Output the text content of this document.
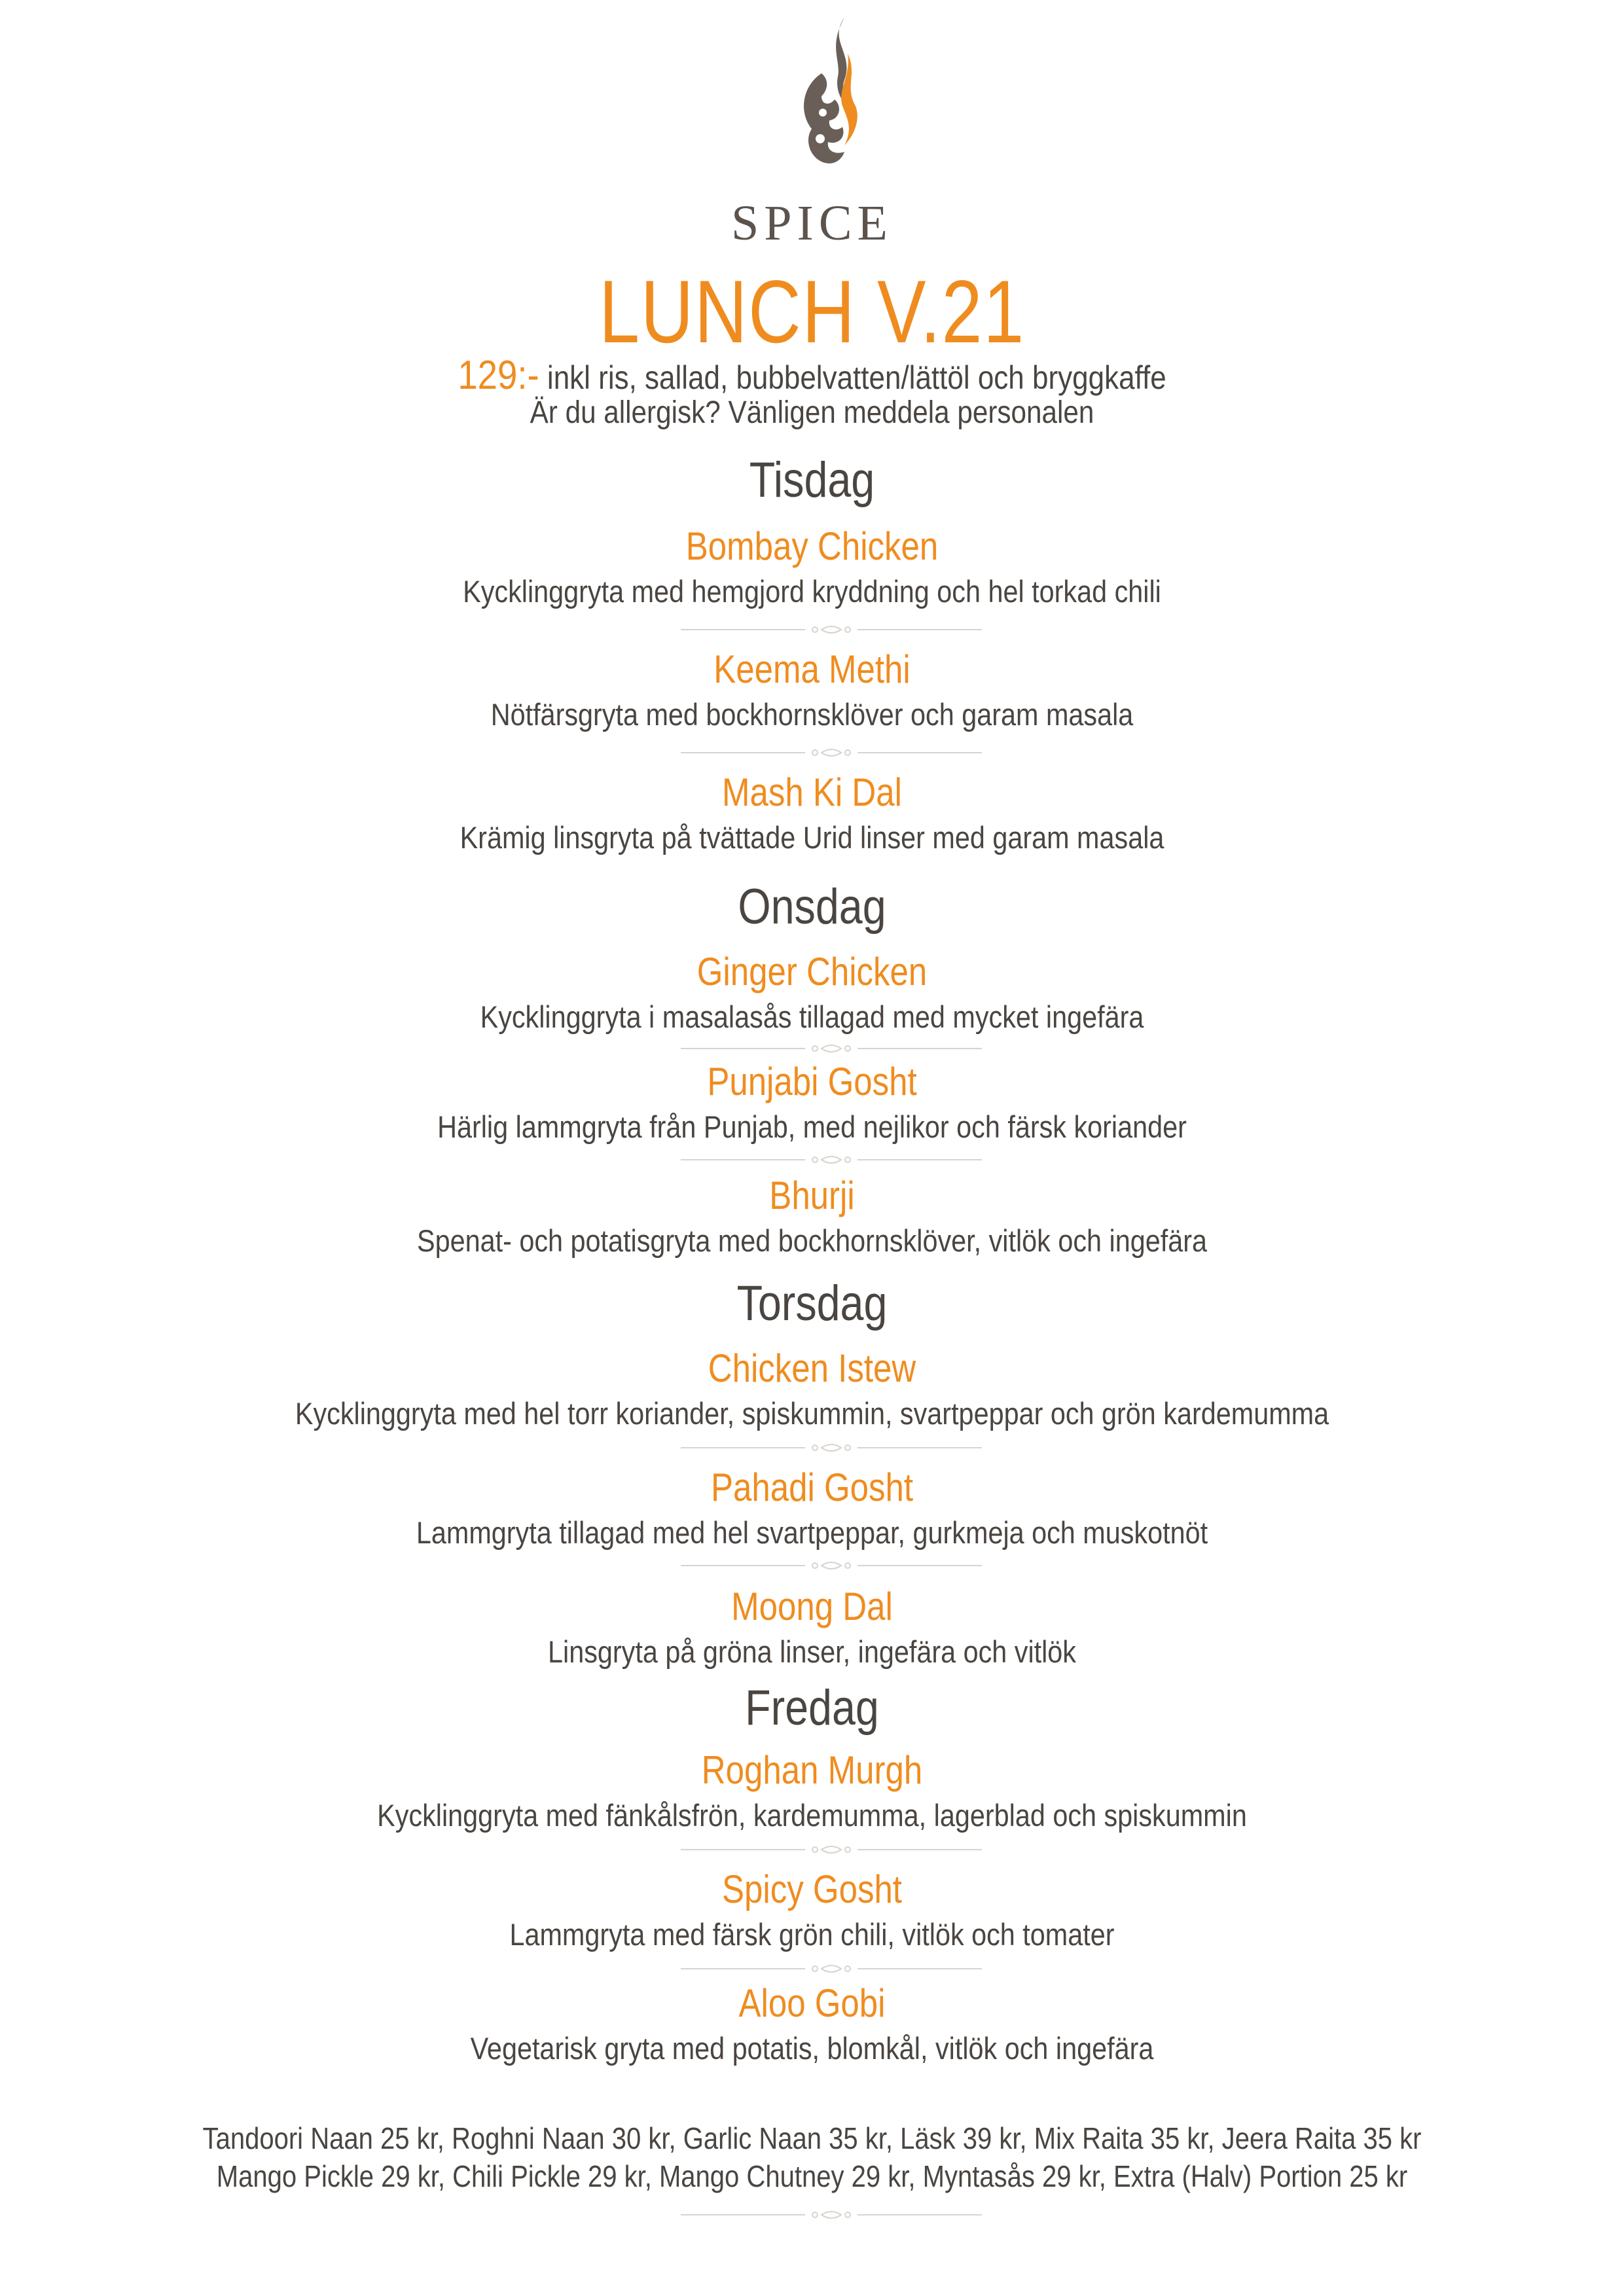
SPICE
LUNCH V.21
129:- inkl ris, sallad, bubbelvatten/lättöl och bryggkaffe
Är du allergisk? Vänligen meddela personalen
Tisdag
Bombay Chicken
Kycklinggryta med hemgjord kryddning och hel torkad chili
Keema Methi
Nötfärsgryta med bockhornsklöver och garam masala
Mash Ki Dal
Krämig linsgryta på tvättade Urid linser med garam masala
Onsdag
Ginger Chicken
Kycklinggryta i masalasås tillagad med mycket ingefära
Punjabi Gosht
Härlig lammgryta från Punjab, med nejlikor och färsk koriander
Bhurji
Spenat- och potatisgryta med bockhornsklöver, vitlök och ingefära
Torsdag
Chicken Istew
Kycklinggryta med hel torr koriander, spiskummin, svartpeppar och grön kardemumma
Pahadi Gosht
Lammgryta tillagad med hel svartpeppar, gurkmeja och muskotnöt
Moong Dal
Linsgryta på gröna linser, ingefära och vitlök
Fredag
Roghan Murgh
Kycklinggryta med fänkålsfrön, kardemumma, lagerblad och spiskummin
Spicy Gosht
Lammgryta med färsk grön chili, vitlök och tomater
Aloo Gobi
Vegetarisk gryta med potatis, blomkål, vitlök och ingefära
Tandoori Naan 25 kr, Roghni Naan 30 kr, Garlic Naan 35 kr, Läsk 39 kr, Mix Raita 35 kr, Jeera Raita 35 kr
Mango Pickle 29 kr, Chili Pickle 29 kr, Mango Chutney 29 kr, Myntasås 29 kr, Extra (Halv) Portion 25 kr
